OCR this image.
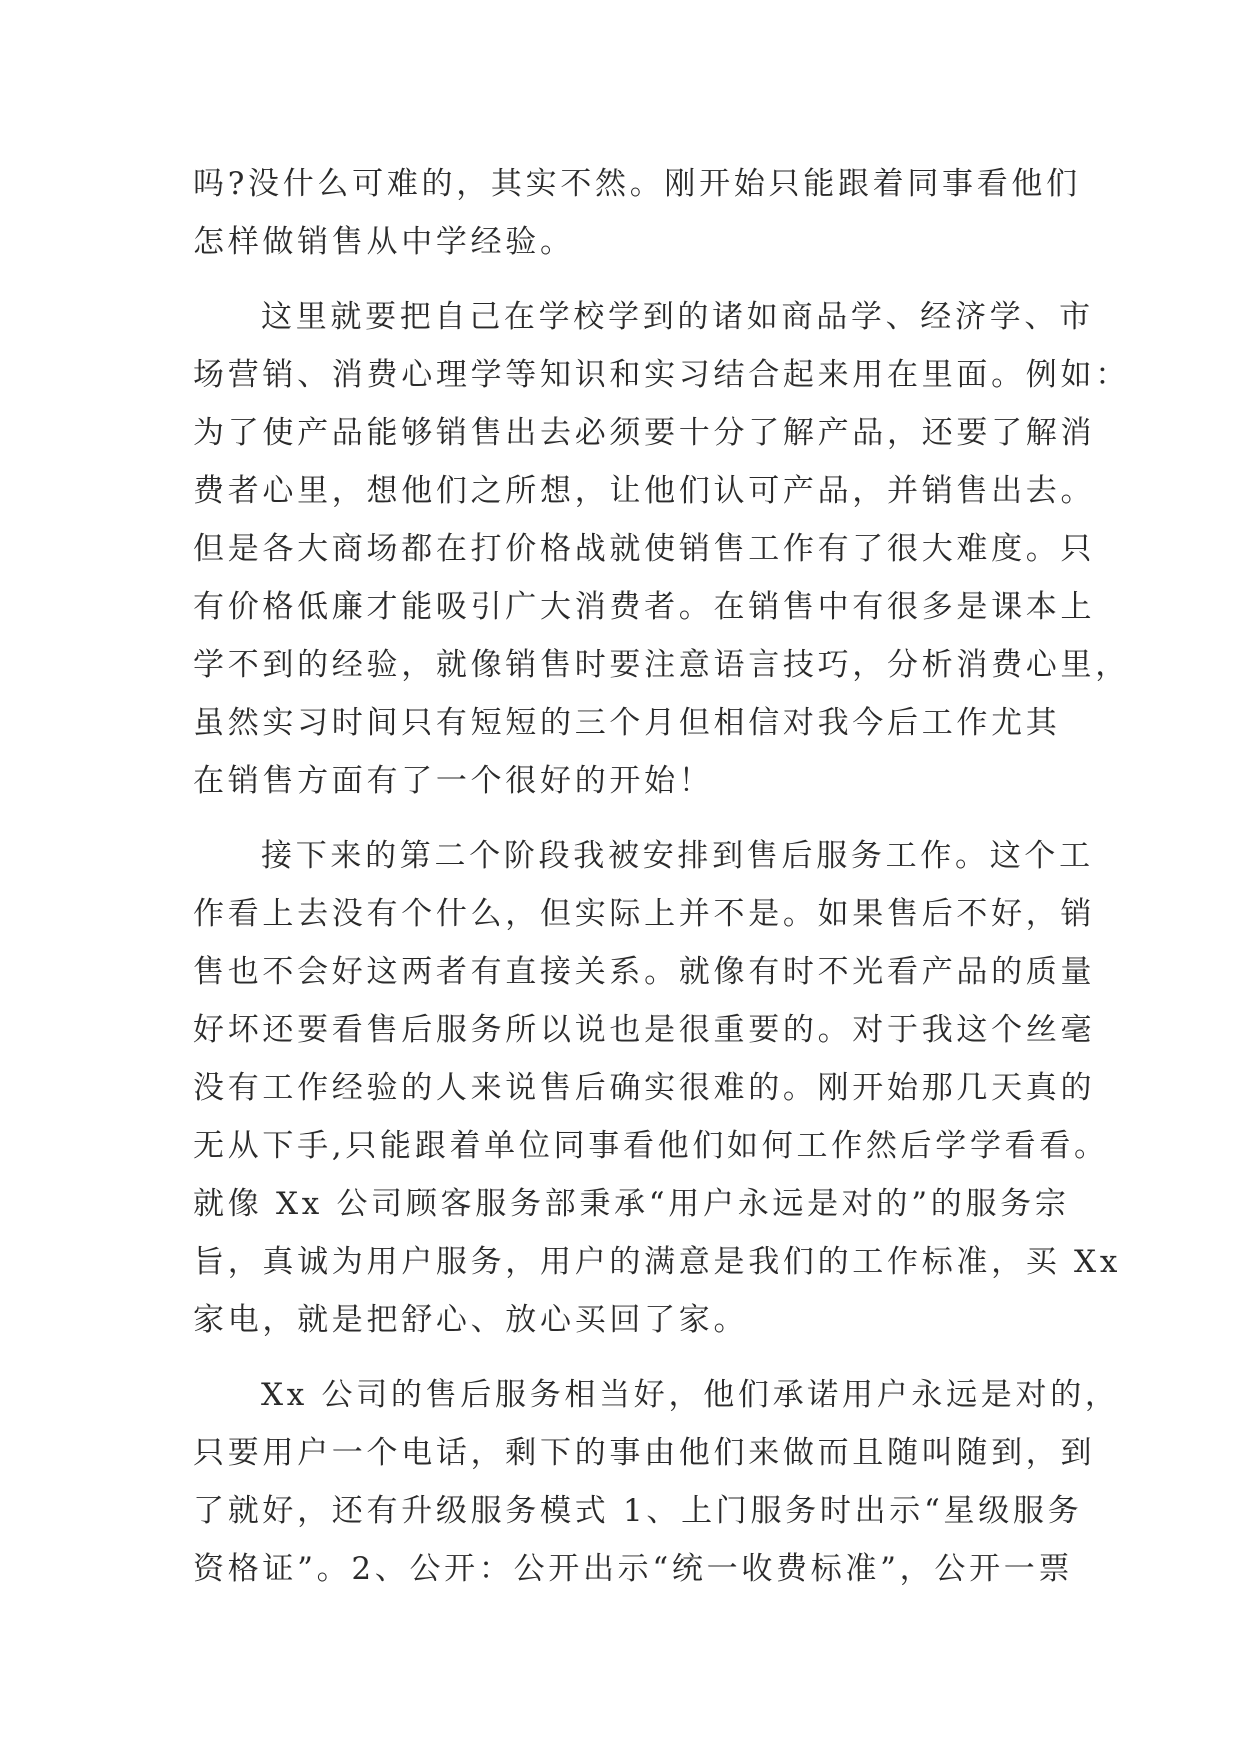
吗?没什么可难的，其实不然。刚开始只能跟着同事看他们
怎样做销售从中学经验。
这里就要把自己在学校学到的诸如商品学、经济学、市
场营销、消费心理学等知识和实习结合起来用在里面。例如：
为了使产品能够销售出去必须要十分了解产品，还要了解消
费者心里，想他们之所想，让他们认可产品，并销售出去。
但是各大商场都在打价格战就使销售工作有了很大难度。只
有价格低廉才能吸引广大消费者。在销售中有很多是课本上
学不到的经验，就像销售时要注意语言技巧，分析消费心里，
虽然实习时间只有短短的三个月但相信对我今后工作尤其
在销售方面有了一个很好的开始！
接下来的第二个阶段我被安排到售后服务工作。这个工
作看上去没有个什么，但实际上并不是。如果售后不好，销
售也不会好这两者有直接关系。就像有时不光看产品的质量
好坏还要看售后服务所以说也是很重要的。对于我这个丝毫
没有工作经验的人来说售后确实很难的。刚开始那几天真的
无从下手,只能跟着单位同事看他们如何工作然后学学看看。
就像 Xx 公司顾客服务部秉承“用户永远是对的”的服务宗
旨，真诚为用户服务，用户的满意是我们的工作标准，买 Xx
家电，就是把舒心、放心买回了家。
Xx 公司的售后服务相当好，他们承诺用户永远是对的，
只要用户一个电话，剩下的事由他们来做而且随叫随到，到
了就好，还有升级服务模式 1、上门服务时出示“星级服务
资格证”。2、公开：公开出示“统一收费标准”，公开一票
